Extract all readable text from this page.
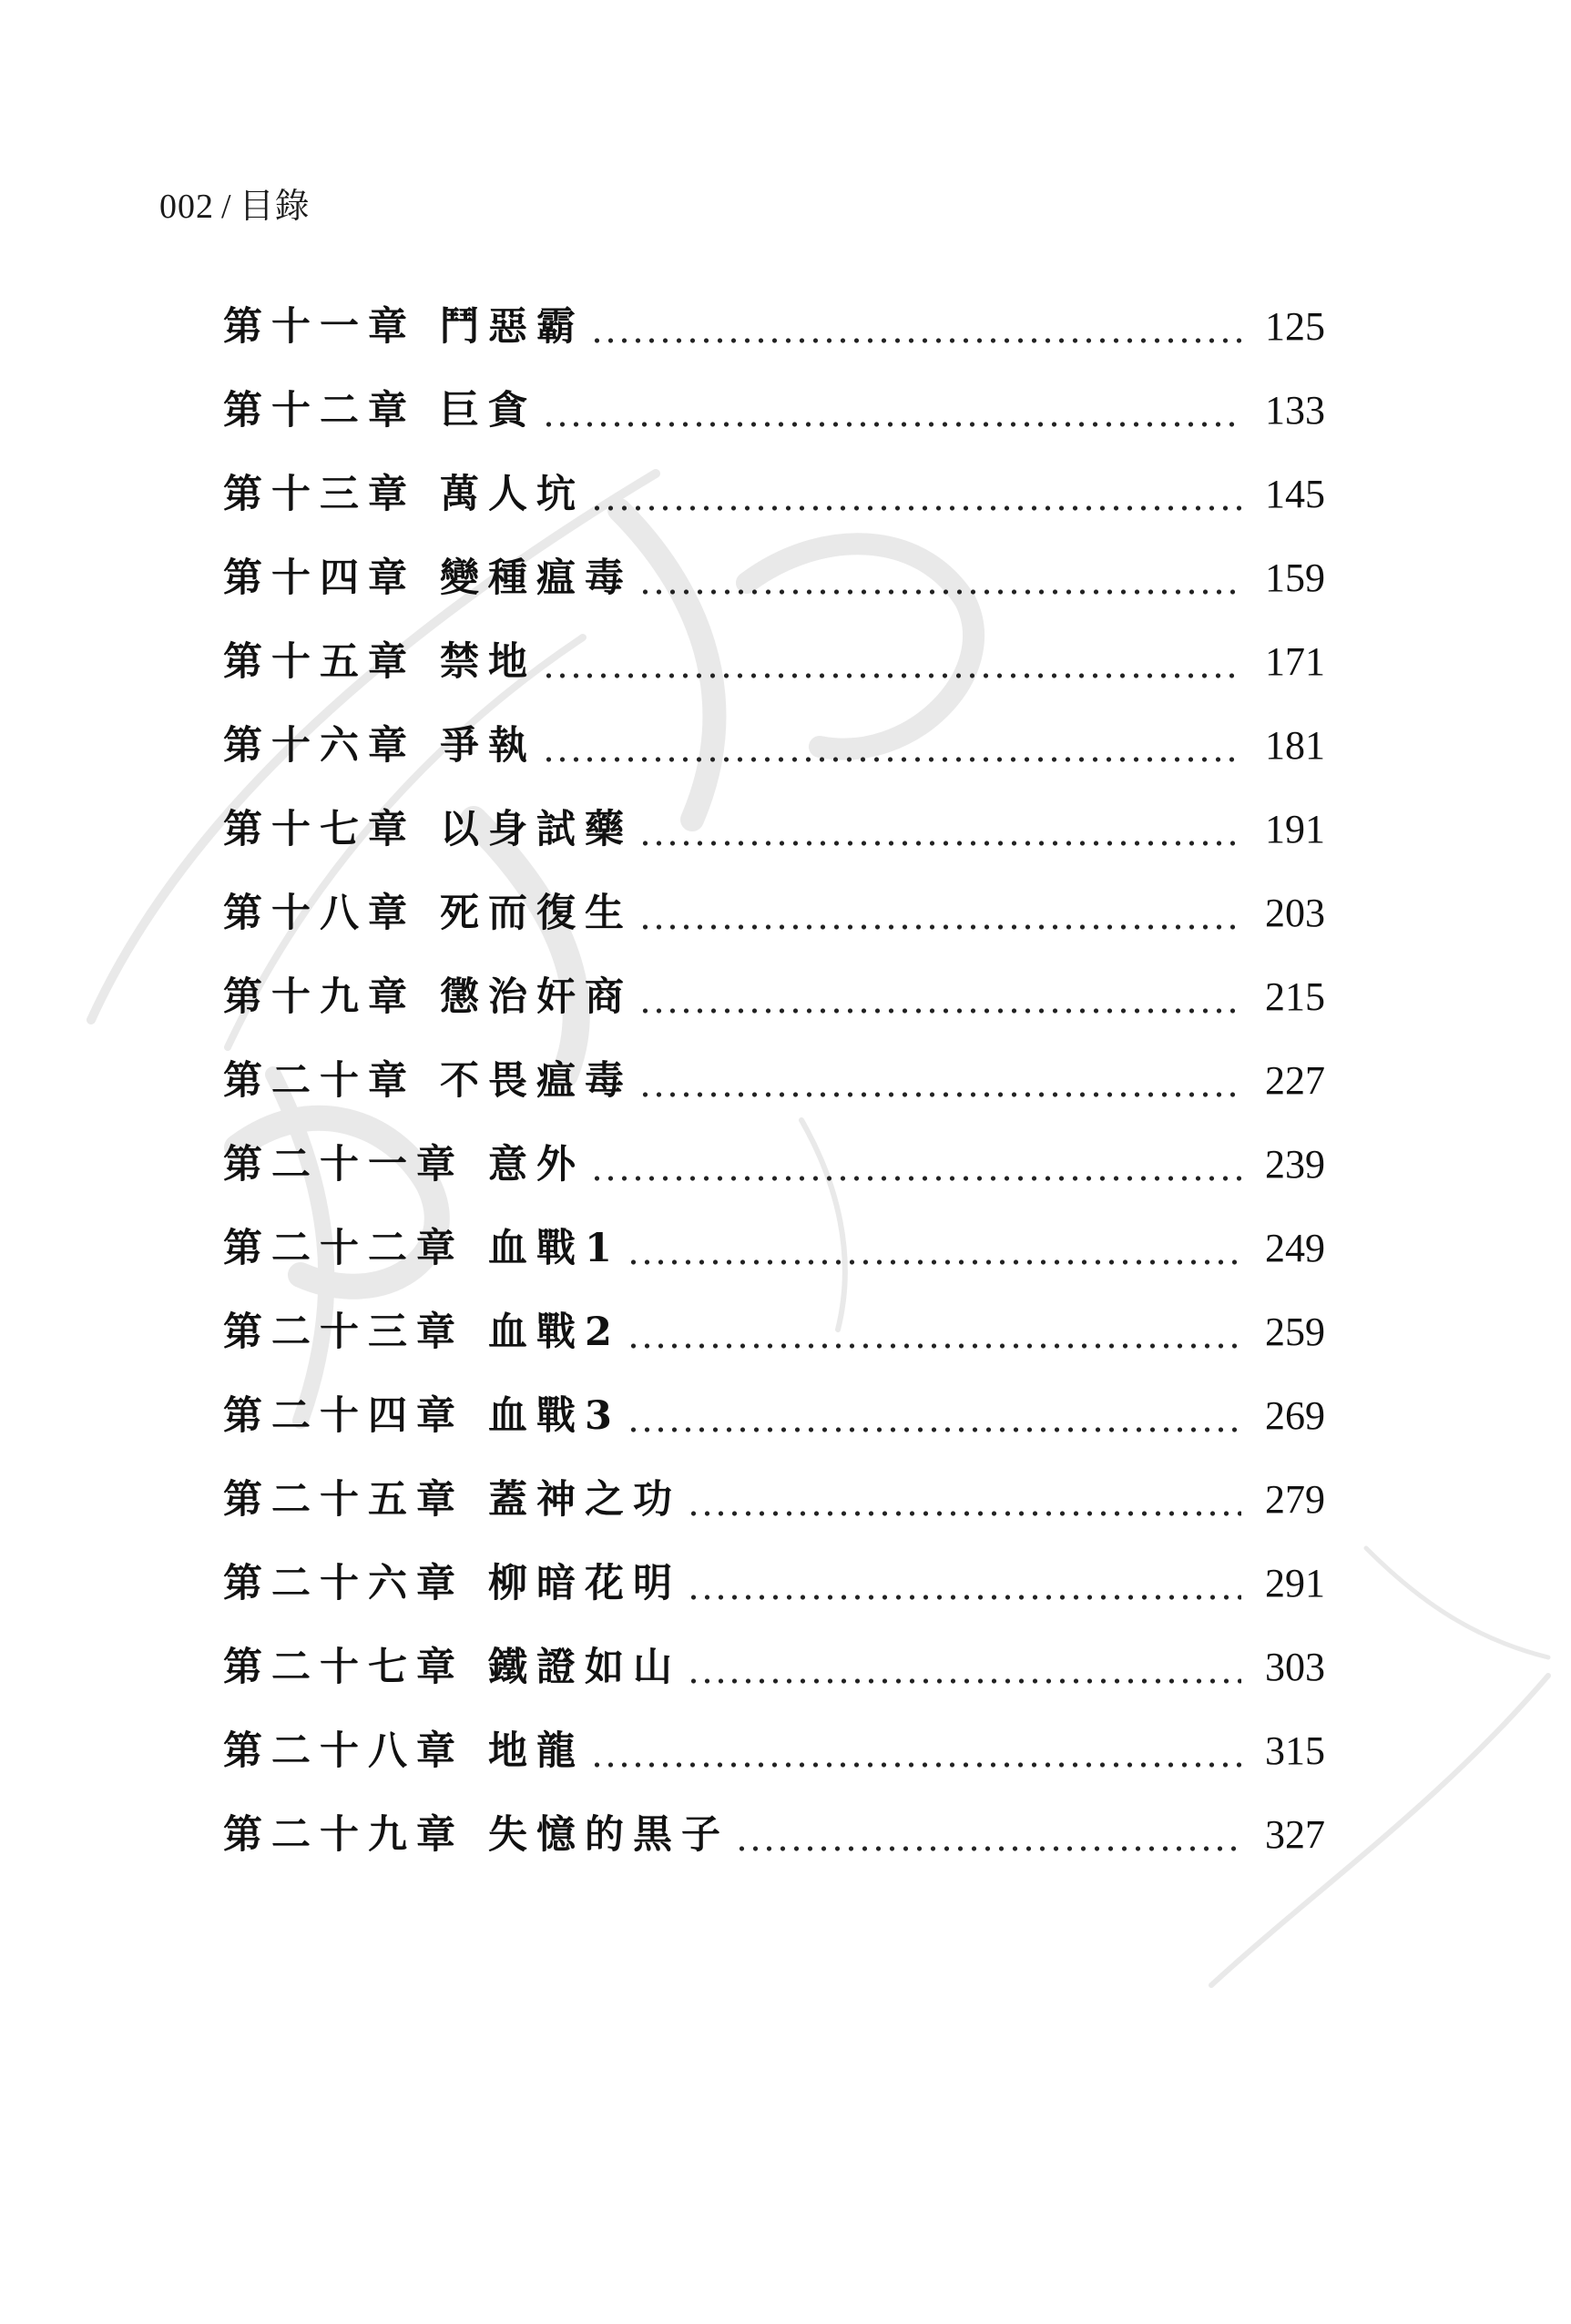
002 / 目錄
第十一章 鬥惡霸	125
第十二章 巨貪	133
第十三章 萬人坑	145
第十四章 變種瘟毒	159
第十五章 禁地	171
第十六章 爭執	181
第十七章 以身試藥	191
第十八章 死而復生	203
第十九章 懲治奸商	215
第二十章 不畏瘟毒	227
第二十一章 意外	239
第二十二章 血戰1	249
第二十三章 血戰2	259
第二十四章 血戰3	269
第二十五章 蓋神之功	279
第二十六章 柳暗花明	291
第二十七章 鐵證如山	303
第二十八章 地龍	315
第二十九章 失憶的黒子	327
